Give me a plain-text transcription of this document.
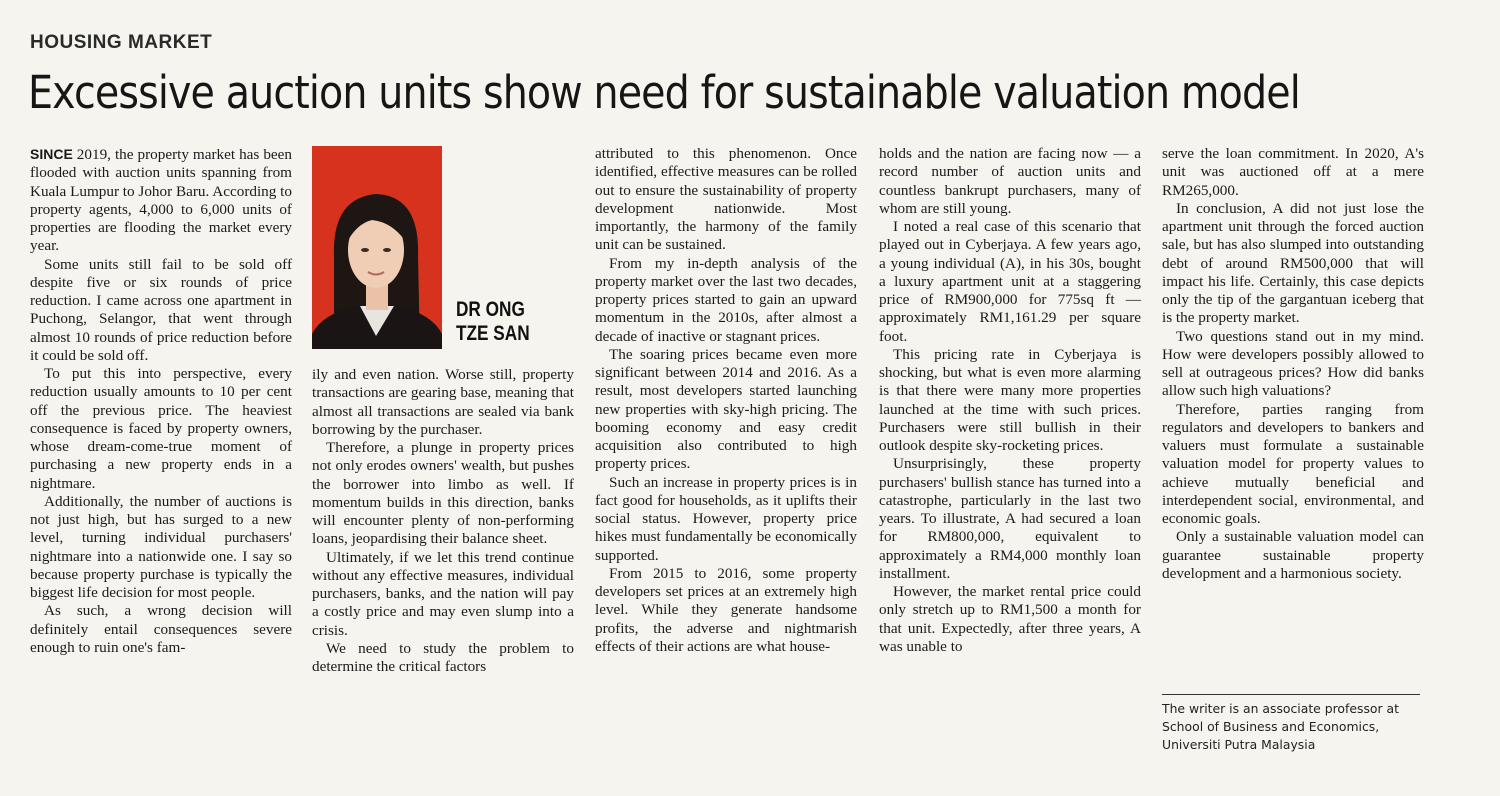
HOUSING MARKET
Excessive auction units show need for sustainable valuation model

SINCE 2019, the property market has been flooded with auction units spanning from Kuala Lumpur to Johor Baru. According to property agents, 4,000 to 6,000 units of properties are flooding the market every year.

Some units still fail to be sold off despite five or six rounds of price reduction. I came across one apartment in Puchong, Selangor, that went through almost 10 rounds of price reduction before it could be sold off.

To put this into perspective, every reduction usually amounts to 10 per cent off the previous price. The heaviest consequence is faced by property owners, whose dream-come-true moment of purchasing a new property ends in a nightmare.

Additionally, the number of auctions is not just high, but has surged to a new level, turning individual purchasers' nightmare into a nationwide one. I say so because property purchase is typically the biggest life decision for most people.

As such, a wrong decision will definitely entail consequences severe enough to ruin one's fam-

DR ONG
TZE SAN

ily and even nation. Worse still, property transactions are gearing base, meaning that almost all transactions are sealed via bank borrowing by the purchaser.

Therefore, a plunge in property prices not only erodes owners' wealth, but pushes the borrower into limbo as well. If momentum builds in this direction, banks will encounter plenty of non-performing loans, jeopardising their balance sheet.

Ultimately, if we let this trend continue without any effective measures, individual purchasers, banks, and the nation will pay a costly price and may even slump into a crisis.

We need to study the problem to determine the critical factors

attributed to this phenomenon. Once identified, effective measures can be rolled out to ensure the sustainability of property development nationwide. Most importantly, the harmony of the family unit can be sustained.

From my in-depth analysis of the property market over the last two decades, property prices started to gain an upward momentum in the 2010s, after almost a decade of inactive or stagnant prices.

The soaring prices became even more significant between 2014 and 2016. As a result, most developers started launching new properties with sky-high pricing. The booming economy and easy credit acquisition also contributed to high property prices.

Such an increase in property prices is in fact good for households, as it uplifts their social status. However, property price hikes must fundamentally be economically supported.

From 2015 to 2016, some property developers set prices at an extremely high level. While they generate handsome profits, the adverse and nightmarish effects of their actions are what house-

holds and the nation are facing now — a record number of auction units and countless bankrupt purchasers, many of whom are still young.

I noted a real case of this scenario that played out in Cyberjaya. A few years ago, a young individual (A), in his 30s, bought a luxury apartment unit at a staggering price of RM900,000 for 775sq ft — approximately RM1,161.29 per square foot.

This pricing rate in Cyberjaya is shocking, but what is even more alarming is that there were many more properties launched at the time with such prices. Purchasers were still bullish in their outlook despite sky-rocketing prices.

Unsurprisingly, these property purchasers' bullish stance has turned into a catastrophe, particularly in the last two years. To illustrate, A had secured a loan for RM800,000, equivalent to approximately a RM4,000 monthly loan installment.

However, the market rental price could only stretch up to RM1,500 a month for that unit. Expectedly, after three years, A was unable to

serve the loan commitment. In 2020, A's unit was auctioned off at a mere RM265,000.

In conclusion, A did not just lose the apartment unit through the forced auction sale, but has also slumped into outstanding debt of around RM500,000 that will impact his life. Certainly, this case depicts only the tip of the gargantuan iceberg that is the property market.

Two questions stand out in my mind. How were developers possibly allowed to sell at outrageous prices? How did banks allow such high valuations?

Therefore, parties ranging from regulators and developers to bankers and valuers must formulate a sustainable valuation model for property values to achieve mutually beneficial and interdependent social, environmental, and economic goals.

Only a sustainable valuation model can guarantee sustainable property development and a harmonious society.

The writer is an associate professor at School of Business and Economics, Universiti Putra Malaysia
